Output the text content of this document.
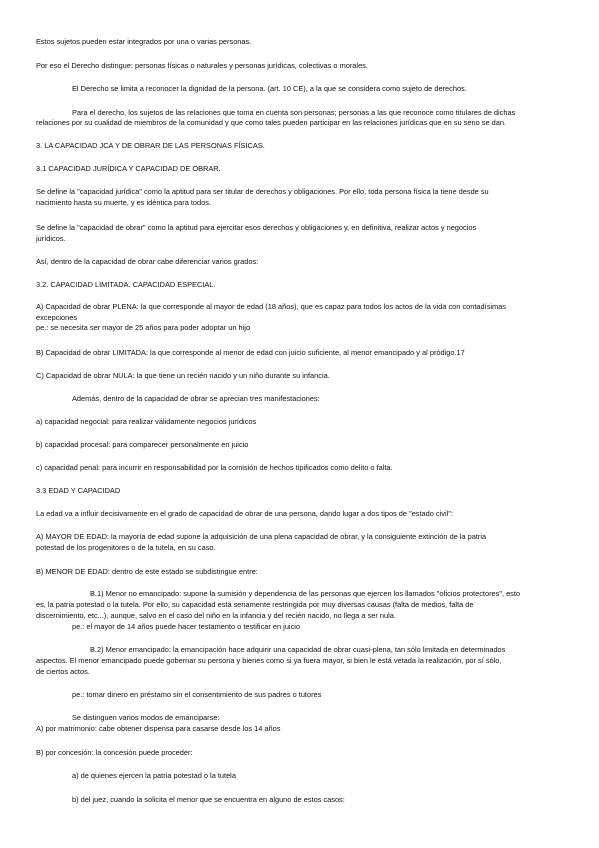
Estos sujetos pueden estar integrados por una o varias personas.
Por eso el Derecho distingue: personas físicas o naturales y personas jurídicas, colectivas o morales.
El Derecho se limita a reconocer la dignidad de la persona. (art. 10 CE), a la que se considera como sujeto de derechos.
Para el derecho, los sujetos de las relaciones que toma en cuenta son personas; personas a las que reconoce como titulares de dichas
relaciones por su cualidad de miembros de la comunidad y que como tales pueden participar en las relaciones jurídicas que en su seno se dan.
3. LA CAPACIDAD JCA Y DE OBRAR DE LAS PERSONAS FÍSICAS.
3.1 CAPACIDAD JURÍDICA Y CAPACIDAD DE OBRAR.
Se define la "capacidad jurídica" como la aptitud para ser titular de derechos y obligaciones. Por ello, toda persona física la tiene desde su
nacimiento hasta su muerte, y es idéntica para todos.
Se define la "capacidad de obrar" como la aptitud para ejercitar esos derechos y obligaciones y, en definitiva, realizar actos y negocios
jurídicos.
Así, dentro de la capacidad de obrar cabe diferenciar varios grados:
3.2. CAPACIDAD LIMITADA. CAPACIDAD ESPECIAL.
A) Capacidad de obrar PLENA: la que corresponde al mayor de edad (18 años), que es capaz para todos los actos de la vida con contadísimas
excepciones
pe.: se necesita ser mayor de 25 años para poder adoptar un hijo
B) Capacidad de obrar LIMITADA: la que corresponde al menor de edad con juicio suficiente, al menor emancipado y al pródigo.17
C) Capacidad de obrar NULA: la que tiene un recién nacido y un niño durante su infancia.
Además, dentro de la capacidad de obrar se aprecian tres manifestaciones:
a) capacidad negocial: para realizar válidamente negocios jurídicos
b) capacidad procesal: para comparecer personalmente en juicio
c) capacidad penal: para incurrir en responsabilidad por la comisión de hechos tipificados como delito o falta.
3.3 EDAD Y CAPACIDAD
La edad va a influir decisivamente en el grado de capacidad de obrar de una persona, dando lugar a dos tipos de "estado civil":
A) MAYOR DE EDAD: la mayoría de edad supone la adquisición de una plena capacidad de obrar, y la consiguiente extinción de la patria
potestad de los progenitores o de la tutela, en su caso.
B) MENOR DE EDAD: dentro de este estado se subdistingue entre:
B.1) Menor no emancipado: supone la sumisión y dependencia de las personas que ejercen los llamados "oficios protectores", esto
es, la patria potestad o la tutela. Por ello, su capacidad está seriamente restringida por muy diversas causas (falta de medios, falta de
discernimiento, etc...), aunque, salvo en el caso del niño en la infancia y del recién nacido, no llega a ser nula.
pe.: el mayor de 14 años puede hacer testamento o testificar en juicio
B.2) Menor emancipado: la emancipación hace adquirir una capacidad de obrar cuasi-plena, tan sólo limitada en determinados
aspectos. El menor emancipado puede gobernar su persona y bienes como si ya fuera mayor, si bien le está vetada la realización, por sí sólo,
de ciertos actos.
pe.: tomar dinero en préstamo sin el consentimiento de sus padres o tutores
Se distinguen varios modos de emanciparse:
A) por matrimonio: cabe obtener dispensa para casarse desde los 14 años
B) por concesión: la concesión puede proceder:
a) de quienes ejercen la patria potestad o la tutela
b) del juez, cuando la solicita el menor que se encuentra en alguno de estos casos:
